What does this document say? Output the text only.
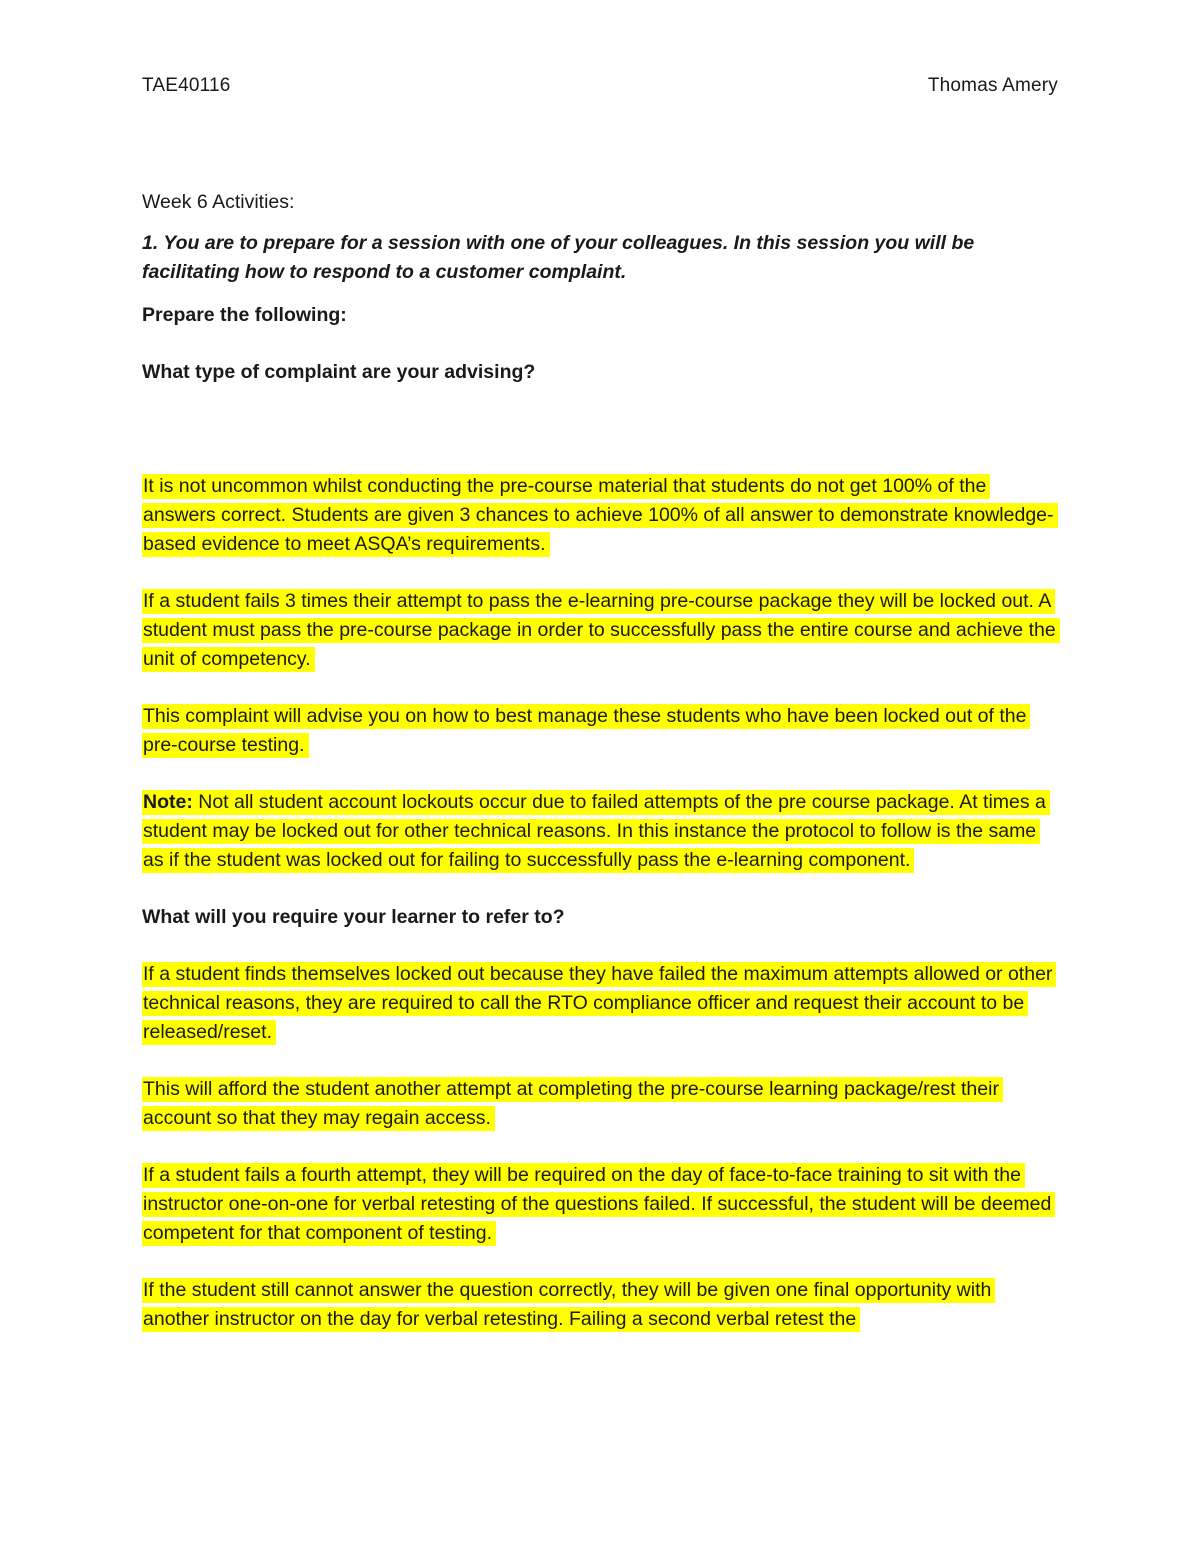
TAE40116	Thomas Amery

Week 6 Activities:

1. You are to prepare for a session with one of your colleagues. In this session you will be facilitating how to respond to a customer complaint.

Prepare the following:

What type of complaint are your advising?

It is not uncommon whilst conducting the pre-course material that students do not get 100% of the answers correct. Students are given 3 chances to achieve 100% of all answer to demonstrate knowledge-based evidence to meet ASQA’s requirements.

If a student fails 3 times their attempt to pass the e-learning pre-course package they will be locked out. A student must pass the pre-course package in order to successfully pass the entire course and achieve the unit of competency.

This complaint will advise you on how to best manage these students who have been locked out of the pre-course testing.

Note: Not all student account lockouts occur due to failed attempts of the pre course package. At times a student may be locked out for other technical reasons. In this instance the protocol to follow is the same as if the student was locked out for failing to successfully pass the e-learning component.

What will you require your learner to refer to?

If a student finds themselves locked out because they have failed the maximum attempts allowed or other technical reasons, they are required to call the RTO compliance officer and request their account to be released/reset.

This will afford the student another attempt at completing the pre-course learning package/rest their account so that they may regain access.

If a student fails a fourth attempt, they will be required on the day of face-to-face training to sit with the instructor one-on-one for verbal retesting of the questions failed. If successful, the student will be deemed competent for that component of testing.

If the student still cannot answer the question correctly, they will be given one final opportunity with another instructor on the day for verbal retesting. Failing a second verbal retest the
